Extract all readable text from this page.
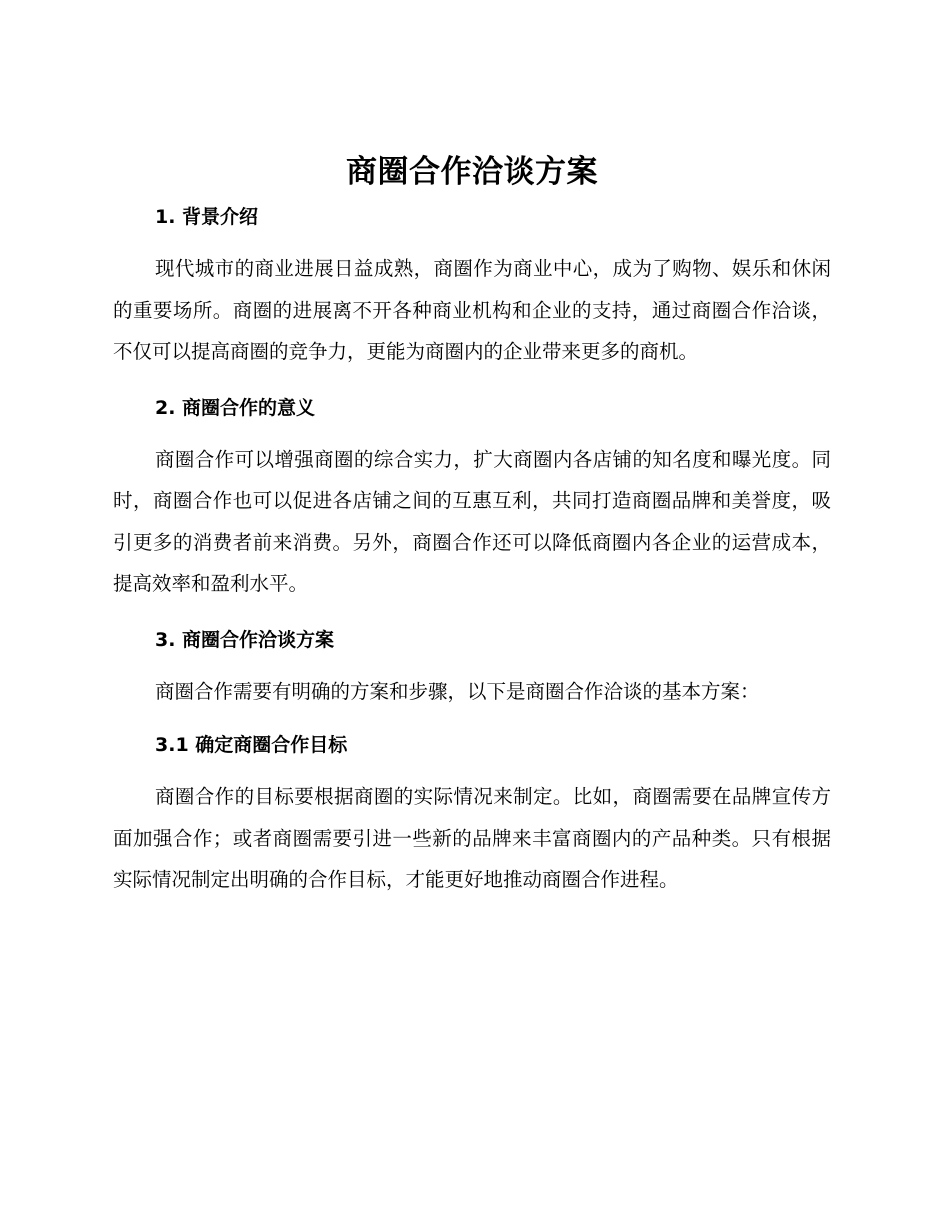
商圈合作洽谈方案
1. 背景介绍

现代城市的商业进展日益成熟，商圈作为商业中心，成为了购物、娱乐和休闲的重要场所。商圈的进展离不开各种商业机构和企业的支持，通过商圈合作洽谈，不仅可以提高商圈的竞争力，更能为商圈内的企业带来更多的商机。

2. 商圈合作的意义

商圈合作可以增强商圈的综合实力，扩大商圈内各店铺的知名度和曝光度。同时，商圈合作也可以促进各店铺之间的互惠互利，共同打造商圈品牌和美誉度，吸引更多的消费者前来消费。另外，商圈合作还可以降低商圈内各企业的运营成本，提高效率和盈利水平。

3. 商圈合作洽谈方案

商圈合作需要有明确的方案和步骤，以下是商圈合作洽谈的基本方案：

3.1 确定商圈合作目标

商圈合作的目标要根据商圈的实际情况来制定。比如，商圈需要在品牌宣传方面加强合作；或者商圈需要引进一些新的品牌来丰富商圈内的产品种类。只有根据实际情况制定出明确的合作目标，才能更好地推动商圈合作进程。
